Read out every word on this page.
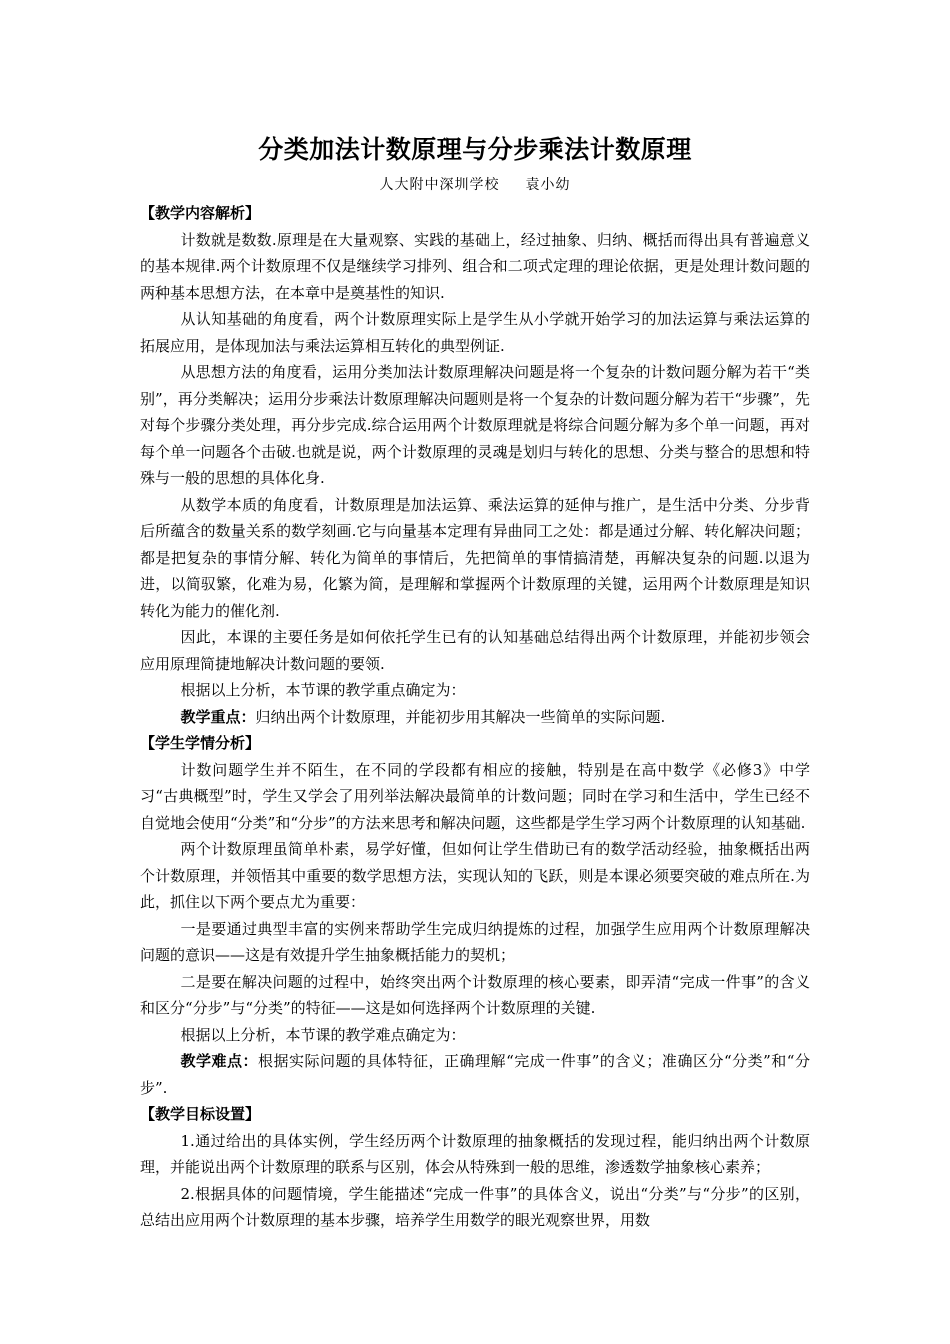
分类加法计数原理与分步乘法计数原理
人大附中深圳学校 袁小幼
【教学内容解析】

计数就是数数.原理是在大量观察、实践的基础上，经过抽象、归纳、概括而得出具有普遍意义的基本规律.两个计数原理不仅是继续学习排列、组合和二项式定理的理论依据，更是处理计数问题的两种基本思想方法，在本章中是奠基性的知识.

从认知基础的角度看，两个计数原理实际上是学生从小学就开始学习的加法运算与乘法运算的拓展应用，是体现加法与乘法运算相互转化的典型例证.

从思想方法的角度看，运用分类加法计数原理解决问题是将一个复杂的计数问题分解为若干“类别”，再分类解决；运用分步乘法计数原理解决问题则是将一个复杂的计数问题分解为若干“步骤”，先对每个步骤分类处理，再分步完成.综合运用两个计数原理就是将综合问题分解为多个单一问题，再对每个单一问题各个击破.也就是说，两个计数原理的灵魂是划归与转化的思想、分类与整合的思想和特殊与一般的思想的具体化身.

从数学本质的角度看，计数原理是加法运算、乘法运算的延伸与推广，是生活中分类、分步背后所蕴含的数量关系的数学刻画.它与向量基本定理有异曲同工之处：都是通过分解、转化解决问题；都是把复杂的事情分解、转化为简单的事情后，先把简单的事情搞清楚，再解决复杂的问题.以退为进，以简驭繁，化难为易，化繁为简，是理解和掌握两个计数原理的关键，运用两个计数原理是知识转化为能力的催化剂.

因此，本课的主要任务是如何依托学生已有的认知基础总结得出两个计数原理，并能初步领会应用原理简捷地解决计数问题的要领.

根据以上分析，本节课的教学重点确定为：

教学重点：归纳出两个计数原理，并能初步用其解决一些简单的实际问题.

【学生学情分析】

计数问题学生并不陌生，在不同的学段都有相应的接触，特别是在高中数学《必修3》中学习“古典概型”时，学生又学会了用列举法解决最简单的计数问题；同时在学习和生活中，学生已经不自觉地会使用“分类”和“分步”的方法来思考和解决问题，这些都是学生学习两个计数原理的认知基础.

两个计数原理虽简单朴素，易学好懂，但如何让学生借助已有的数学活动经验，抽象概括出两个计数原理，并领悟其中重要的数学思想方法，实现认知的飞跃，则是本课必须要突破的难点所在.为此，抓住以下两个要点尤为重要：

一是要通过典型丰富的实例来帮助学生完成归纳提炼的过程，加强学生应用两个计数原理解决问题的意识——这是有效提升学生抽象概括能力的契机；

二是要在解决问题的过程中，始终突出两个计数原理的核心要素，即弄清“完成一件事”的含义和区分“分步”与“分类”的特征——这是如何选择两个计数原理的关键.

根据以上分析，本节课的教学难点确定为：

教学难点：根据实际问题的具体特征，正确理解“完成一件事”的含义；准确区分“分类”和“分步”.

【教学目标设置】

1.通过给出的具体实例，学生经历两个计数原理的抽象概括的发现过程，能归纳出两个计数原理，并能说出两个计数原理的联系与区别，体会从特殊到一般的思维，渗透数学抽象核心素养；

2.根据具体的问题情境，学生能描述“完成一件事”的具体含义，说出“分类”与“分步”的区别，总结出应用两个计数原理的基本步骤，培养学生用数学的眼光观察世界，用数
